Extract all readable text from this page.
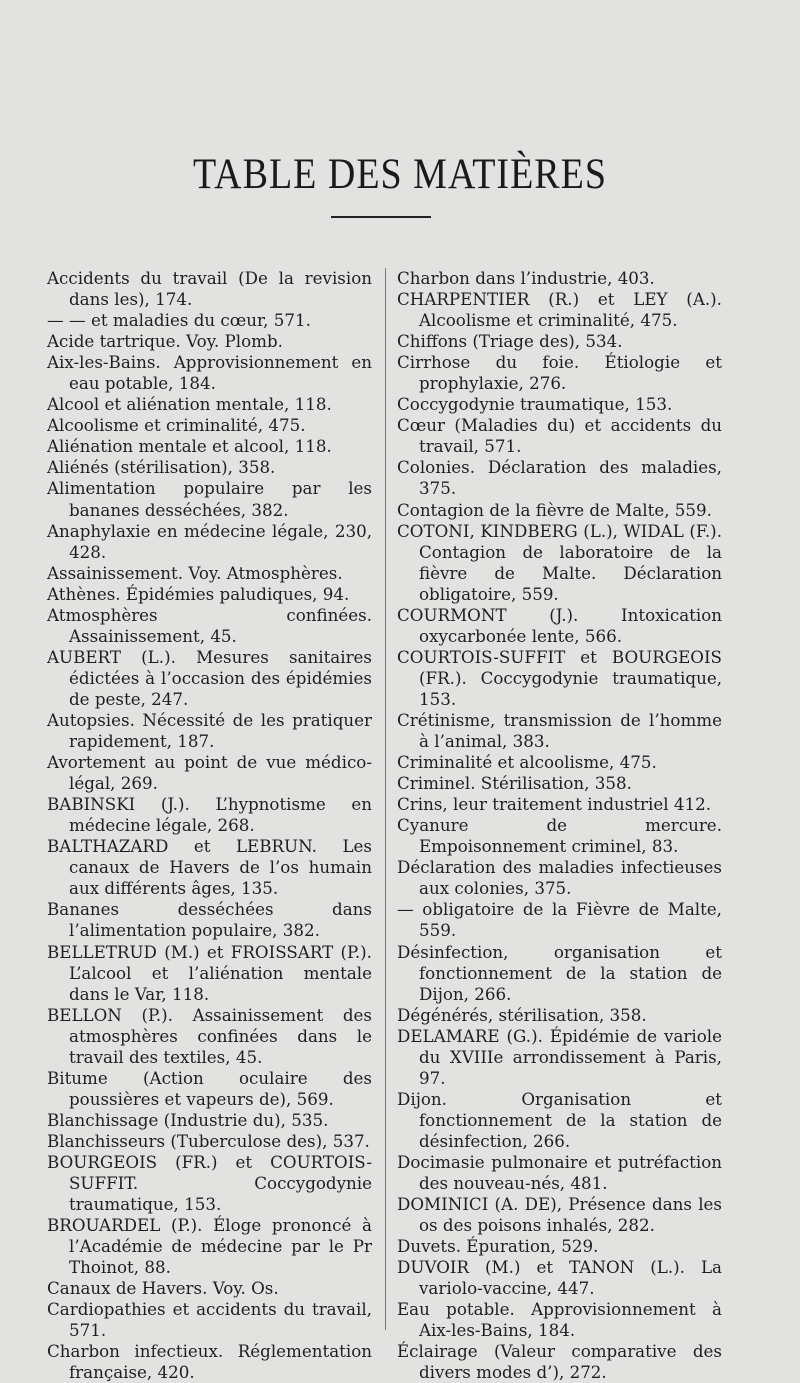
TABLE DES MATIÈRES

Accidents du travail (De la revision dans les), 174.

— — et maladies du cœur, 571.

Acide tartrique. Voy. Plomb.

Aix-les-Bains. Approvisionnement en eau potable, 184.

Alcool et aliénation mentale, 118.

Alcoolisme et criminalité, 475.

Aliénation mentale et alcool, 118.

Aliénés (stérilisation), 358.

Alimentation populaire par les bananes desséchées, 382.

Anaphylaxie en médecine légale, 230, 428.

Assainissement. Voy. Atmosphères.

Athènes. Épidémies paludiques, 94.

Atmosphères confinées. Assainissement, 45.

AUBERT (L.). Mesures sanitaires édictées à l’occasion des épidémies de peste, 247.

Autopsies. Nécessité de les pratiquer rapidement, 187.

Avortement au point de vue médico-légal, 269.

BABINSKI (J.). L’hypnotisme en médecine légale, 268.

BALTHAZARD et LEBRUN. Les canaux de Havers de l’os humain aux différents âges, 135.

Bananes desséchées dans l’alimentation populaire, 382.

BELLETRUD (M.) et FROISSART (P.). L’alcool et l’aliénation mentale dans le Var, 118.

BELLON (P.). Assainissement des atmosphères confinées dans le travail des textiles, 45.

Bitume (Action oculaire des poussières et vapeurs de), 569.

Blanchissage (Industrie du), 535.

Blanchisseurs (Tuberculose des), 537.

BOURGEOIS (FR.) et COURTOIS-SUFFIT. Coccygodynie traumatique, 153.

BROUARDEL (P.). Éloge prononcé à l’Académie de médecine par le Pr Thoinot, 88.

Canaux de Havers. Voy. Os.

Cardiopathies et accidents du travail, 571.

Charbon infectieux. Réglementation française, 420.

Charbon dans l’industrie, 403.

CHARPENTIER (R.) et LEY (A.). Alcoolisme et criminalité, 475.

Chiffons (Triage des), 534.

Cirrhose du foie. Étiologie et prophylaxie, 276.

Coccygodynie traumatique, 153.

Cœur (Maladies du) et accidents du travail, 571.

Colonies. Déclaration des maladies, 375.

Contagion de la fièvre de Malte, 559.

COTONI, KINDBERG (L.), WIDAL (F.). Contagion de laboratoire de la fièvre de Malte. Déclaration obligatoire, 559.

COURMONT (J.). Intoxication oxycarbonée lente, 566.

COURTOIS-SUFFIT et BOURGEOIS (FR.). Coccygodynie traumatique, 153.

Crétinisme, transmission de l’homme à l’animal, 383.

Criminalité et alcoolisme, 475.

Criminel. Stérilisation, 358.

Crins, leur traitement industriel 412.

Cyanure de mercure. Empoisonnement criminel, 83.

Déclaration des maladies infectieuses aux colonies, 375.

— obligatoire de la Fièvre de Malte, 559.

Désinfection, organisation et fonctionnement de la station de Dijon, 266.

Dégénérés, stérilisation, 358.

DELAMARE (G.). Épidémie de variole du XVIIIe arrondissement à Paris, 97.

Dijon. Organisation et fonctionnement de la station de désinfection, 266.

Docimasie pulmonaire et putréfaction des nouveau-nés, 481.

DOMINICI (A. DE), Présence dans les os des poisons inhalés, 282.

Duvets. Épuration, 529.

DUVOIR (M.) et TANON (L.). La variolo-vaccine, 447.

Eau potable. Approvisionnement à Aix-les-Bains, 184.

Éclairage (Valeur comparative des divers modes d’), 272.
